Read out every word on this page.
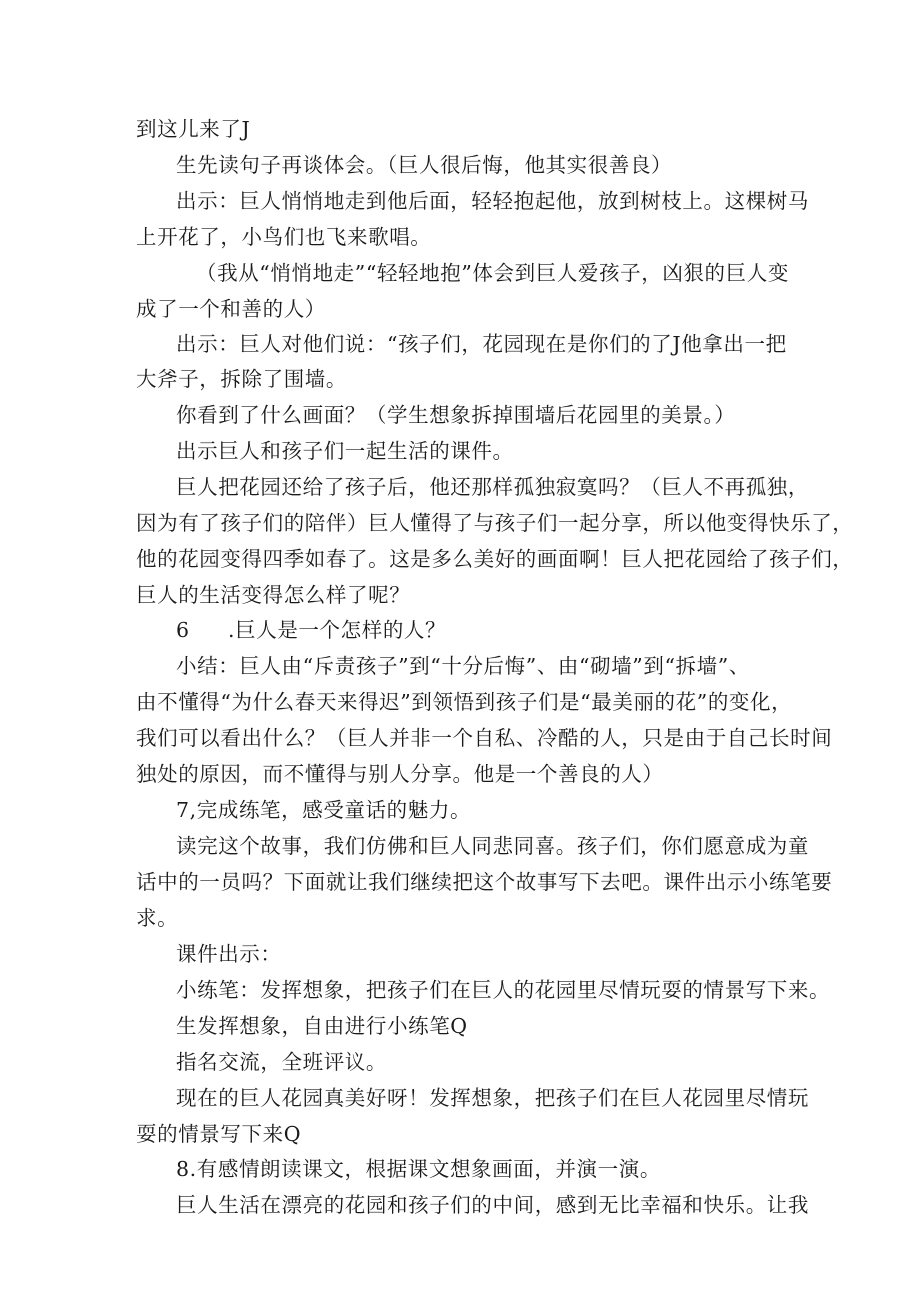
到这儿来了J
生先读句子再谈体会。（巨人很后悔，他其实很善良）
出示：巨人悄悄地走到他后面，轻轻抱起他，放到树枝上。这棵树马
上开花了，小鸟们也飞来歌唱。
（我从“悄悄地走”“轻轻地抱”体会到巨人爱孩子，凶狠的巨人变
成了一个和善的人）
出示：巨人对他们说：“孩子们，花园现在是你们的了J他拿出一把
大斧子，拆除了围墙。
你看到了什么画面？（学生想象拆掉围墙后花园里的美景。）
出示巨人和孩子们一起生活的课件。
巨人把花园还给了孩子后，他还那样孤独寂寞吗？（巨人不再孤独，
因为有了孩子们的陪伴）巨人懂得了与孩子们一起分享，所以他变得快乐了，
他的花园变得四季如春了。这是多么美好的画面啊！巨人把花园给了孩子们，
巨人的生活变得怎么样了呢？
6 .巨人是一个怎样的人？
小结：巨人由“斥责孩子”到“十分后悔”、由“砌墙”到“拆墙”、
由不懂得“为什么春天来得迟”到领悟到孩子们是“最美丽的花”的变化，
我们可以看出什么？（巨人并非一个自私、冷酷的人，只是由于自己长时间
独处的原因，而不懂得与别人分享。他是一个善良的人）
7,完成练笔，感受童话的魅力。
读完这个故事，我们仿佛和巨人同悲同喜。孩子们，你们愿意成为童
话中的一员吗？下面就让我们继续把这个故事写下去吧。课件出示小练笔要
求。
课件出示：
小练笔：发挥想象，把孩子们在巨人的花园里尽情玩耍的情景写下来。
生发挥想象，自由进行小练笔Q
指名交流，全班评议。
现在的巨人花园真美好呀！发挥想象，把孩子们在巨人花园里尽情玩
耍的情景写下来Q
8.有感情朗读课文，根据课文想象画面，并演一演。
巨人生活在漂亮的花园和孩子们的中间，感到无比幸福和快乐。让我
